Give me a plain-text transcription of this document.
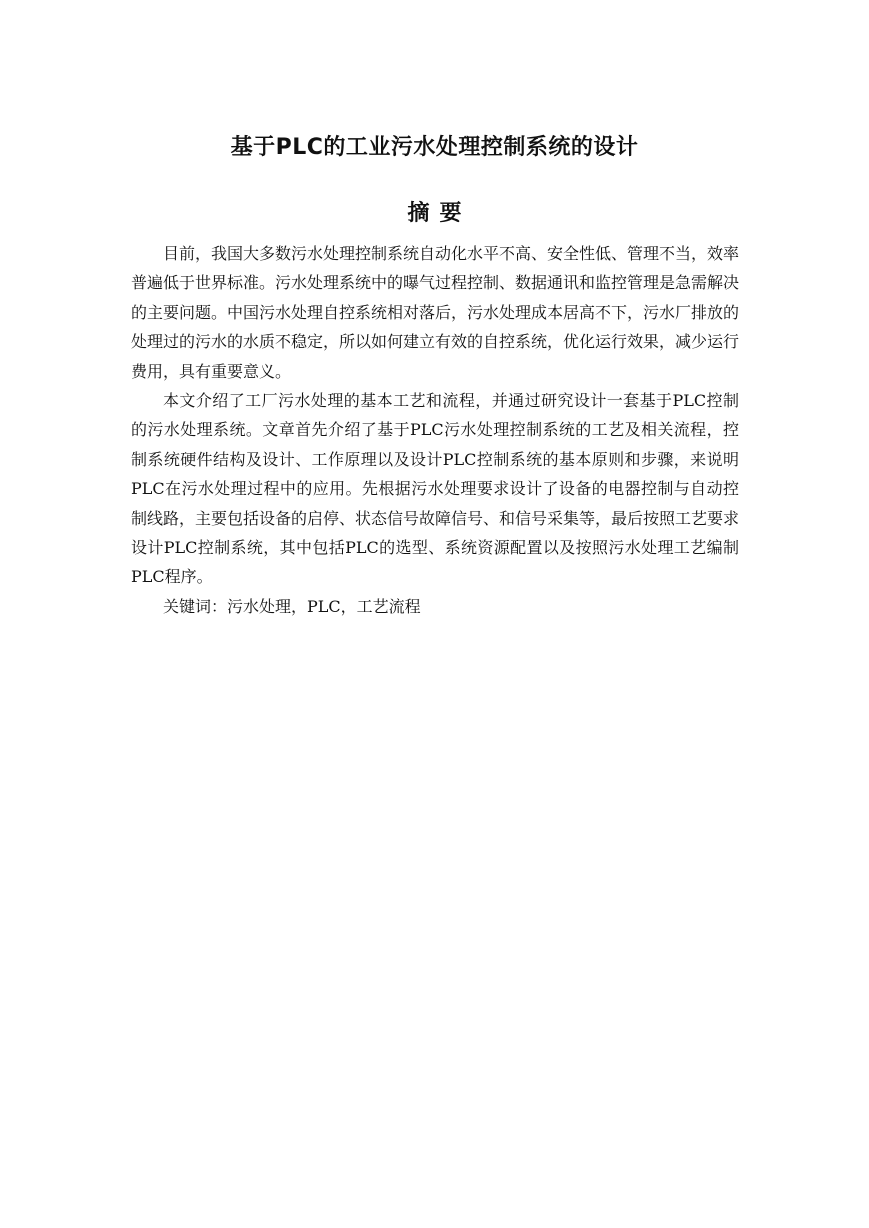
基于PLC的工业污水处理控制系统的设计
摘要

目前，我国大多数污水处理控制系统自动化水平不高、安全性低、管理不当，效率普遍低于世界标准。污水处理系统中的曝气过程控制、数据通讯和监控管理是急需解决的主要问题。中国污水处理自控系统相对落后，污水处理成本居高不下，污水厂排放的处理过的污水的水质不稳定，所以如何建立有效的自控系统，优化运行效果，减少运行费用，具有重要意义。

本文介绍了工厂污水处理的基本工艺和流程，并通过研究设计一套基于PLC控制的污水处理系统。文章首先介绍了基于PLC污水处理控制系统的工艺及相关流程，控制系统硬件结构及设计、工作原理以及设计PLC控制系统的基本原则和步骤，来说明PLC在污水处理过程中的应用。先根据污水处理要求设计了设备的电器控制与自动控制线路，主要包括设备的启停、状态信号故障信号、和信号采集等，最后按照工艺要求设计PLC控制系统，其中包括PLC的选型、系统资源配置以及按照污水处理工艺编制PLC程序。

关键词：污水处理，PLC，工艺流程
